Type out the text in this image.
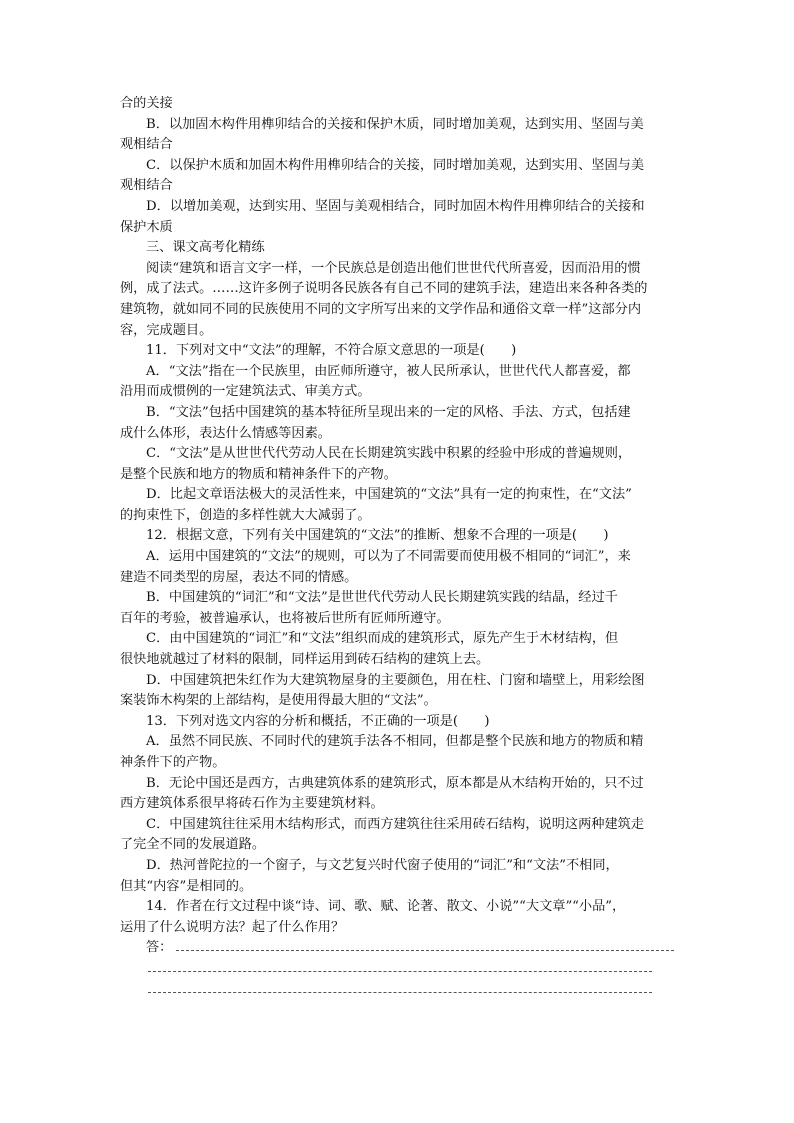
合的关接
B．以加固木构件用榫卯结合的关接和保护木质，同时增加美观，达到实用、坚固与美
观相结合
C．以保护木质和加固木构件用榫卯结合的关接，同时增加美观，达到实用、坚固与美
观相结合
D．以增加美观，达到实用、坚固与美观相结合，同时加固木构件用榫卯结合的关接和
保护木质
三、课文高考化精练
阅读“建筑和语言文字一样，一个民族总是创造出他们世世代代所喜爱，因而沿用的惯
例，成了法式。……这许多例子说明各民族各有自己不同的建筑手法，建造出来各种各类的
建筑物，就如同不同的民族使用不同的文字所写出来的文学作品和通俗文章一样”这部分内
容，完成题目。
11．下列对文中“文法”的理解，不符合原文意思的一项是(　　)
A．“文法”指在一个民族里，由匠师所遵守，被人民所承认，世世代代人都喜爱，都
沿用而成惯例的一定建筑法式、审美方式。
B．“文法”包括中国建筑的基本特征所呈现出来的一定的风格、手法、方式，包括建
成什么体形，表达什么情感等因素。
C．“文法”是从世世代代劳动人民在长期建筑实践中积累的经验中形成的普遍规则，
是整个民族和地方的物质和精神条件下的产物。
D．比起文章语法极大的灵活性来，中国建筑的“文法”具有一定的拘束性，在“文法”
的拘束性下，创造的多样性就大大减弱了。
12．根据文意，下列有关中国建筑的“文法”的推断、想象不合理的一项是(　　)
A．运用中国建筑的“文法”的规则，可以为了不同需要而使用极不相同的“词汇”，来
建造不同类型的房屋，表达不同的情感。
B．中国建筑的“词汇”和“文法”是世世代代劳动人民长期建筑实践的结晶，经过千
百年的考验，被普遍承认，也将被后世所有匠师所遵守。
C．由中国建筑的“词汇”和“文法”组织而成的建筑形式，原先产生于木材结构，但
很快地就越过了材料的限制，同样运用到砖石结构的建筑上去。
D．中国建筑把朱红作为大建筑物屋身的主要颜色，用在柱、门窗和墙壁上，用彩绘图
案装饰木构架的上部结构，是使用得最大胆的“文法”。
13．下列对选文内容的分析和概括，不正确的一项是(　　)
A．虽然不同民族、不同时代的建筑手法各不相同，但都是整个民族和地方的物质和精
神条件下的产物。
B．无论中国还是西方，古典建筑体系的建筑形式，原本都是从木结构开始的，只不过
西方建筑体系很早将砖石作为主要建筑材料。
C．中国建筑往往采用木结构形式，而西方建筑往往采用砖石结构，说明这两种建筑走
了完全不同的发展道路。
D．热河普陀拉的一个窗子，与文艺复兴时代窗子使用的“词汇”和“文法”不相同，
但其“内容”是相同的。
14．作者在行文过程中谈“诗、词、歌、赋、论著、散文、小说”“大文章”“小品”，
运用了什么说明方法？起了什么作用？
答：
